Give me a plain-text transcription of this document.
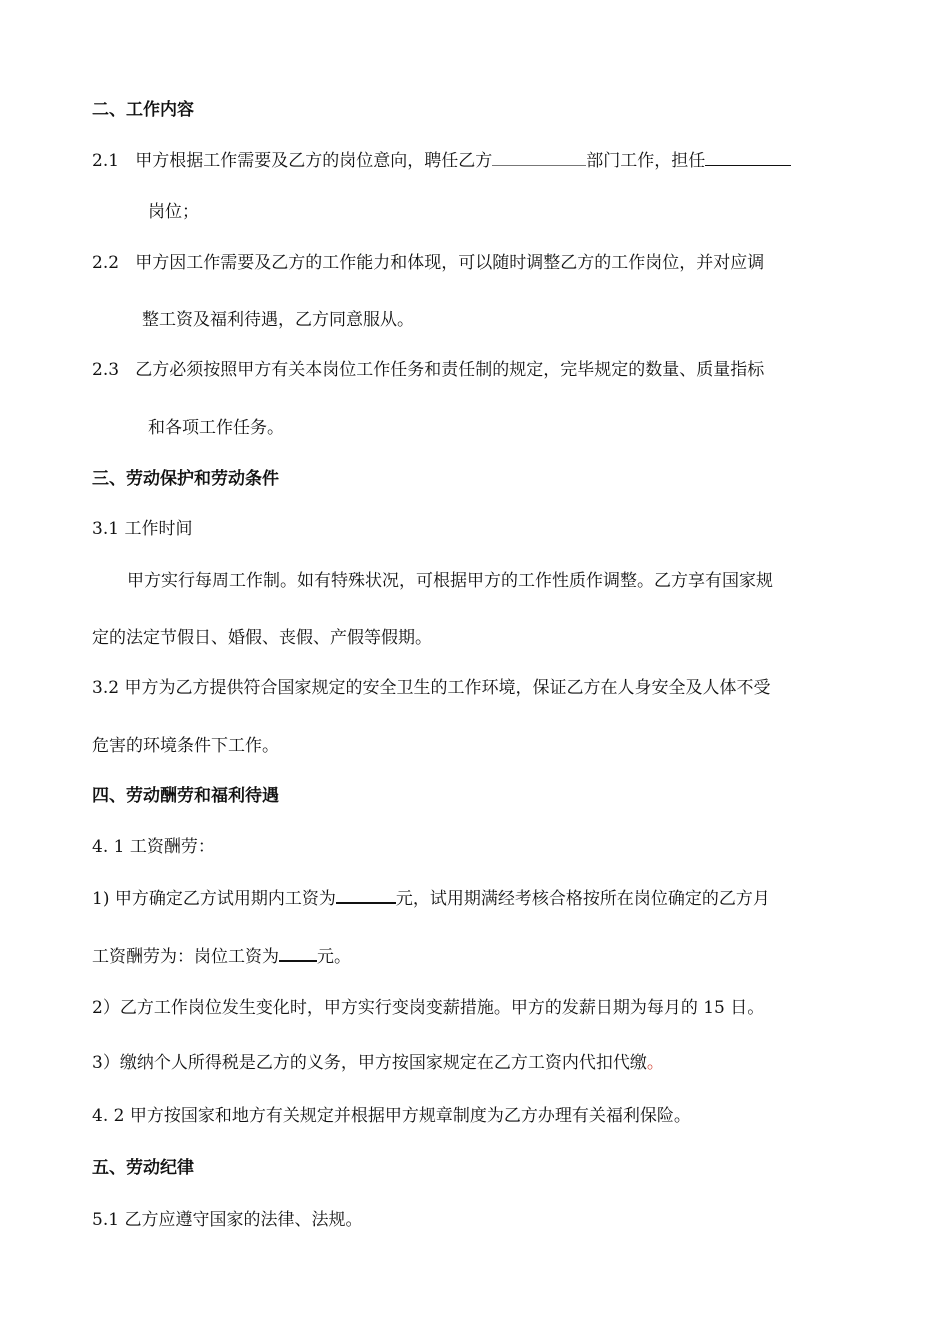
二、工作内容
2.1 甲方根据工作需要及乙方的岗位意向，聘任乙方	部门工作，担任
岗位；
2.2 甲方因工作需要及乙方的工作能力和体现，可以随时调整乙方的工作岗位，并对应调
整工资及福利待遇，乙方同意服从。
2.3 乙方必须按照甲方有关本岗位工作任务和责任制的规定，完毕规定的数量、质量指标
和各项工作任务。
三、劳动保护和劳动条件
3.1 工作时间
甲方实行每周工作制。如有特殊状况，可根据甲方的工作性质作调整。乙方享有国家规
定的法定节假日、婚假、丧假、产假等假期。
3.2 甲方为乙方提供符合国家规定的安全卫生的工作环境，保证乙方在人身安全及人体不受
危害的环境条件下工作。
四、劳动酬劳和福利待遇
4. 1 工资酬劳：
1) 甲方确定乙方试用期内工资为	元，试用期满经考核合格按所在岗位确定的乙方月
工资酬劳为：岗位工资为 元。
2）乙方工作岗位发生变化时，甲方实行变岗变薪措施。甲方的发薪日期为每月的 15 日。
3）缴纳个人所得税是乙方的义务，甲方按国家规定在乙方工资内代扣代缴。
4. 2 甲方按国家和地方有关规定并根据甲方规章制度为乙方办理有关福利保险。
五、劳动纪律
5.1 乙方应遵守国家的法律、法规。
